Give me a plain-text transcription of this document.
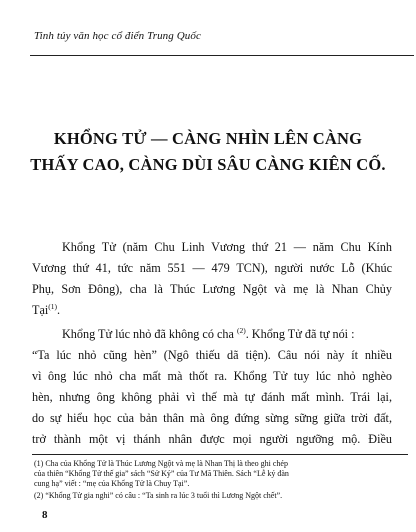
Tinh túy văn học cổ điển Trung Quốc
KHỔNG TỬ — CÀNG NHÌN LÊN CÀNG
THẤY CAO, CÀNG DÙI SÂU CÀNG KIÊN CỐ.
Khổng Tử (năm Chu Linh Vương thứ 21 — năm Chu Kính
Vương thứ 41, tức năm 551 — 479 TCN), người nước Lỗ (Khúc
Phụ, Sơn Đông), cha là Thúc Lương Ngột và mẹ là Nhan Chủy
Tại$^{(1)}$.
Khổng Tử lúc nhỏ đã không có cha $^{(2)}$. Khổng Tử đã tự nói :
“Ta lúc nhỏ cũng hèn” (Ngô thiếu dã tiện). Câu nói này ít nhiều
vì ông lúc nhỏ cha mất mà thốt ra. Khổng Tử tuy lúc nhỏ nghèo
hèn, nhưng ông không phải vì thế mà tự đánh mất mình. Trái lại,
do sự hiểu học của bản thân mà ông đứng sừng sững giữa trời đất,
trở thành một vị thánh nhân được mọi người ngưỡng mộ. Điều
(1) Cha của Khổng Tử là Thúc Lương Ngột và mẹ là Nhan Thị là theo ghi chép
của thiên “Khổng Tử thế gia” sách “Sử Ký” của Tư Mã Thiên. Sách “Lễ ký đàn
cung hạ” viết : “mẹ của Khổng Tử là Chuy Tại”.
(2) “Khổng Tử gia nghi” có câu : “Ta sinh ra lúc 3 tuổi thì Lương Ngột chết”.
8
